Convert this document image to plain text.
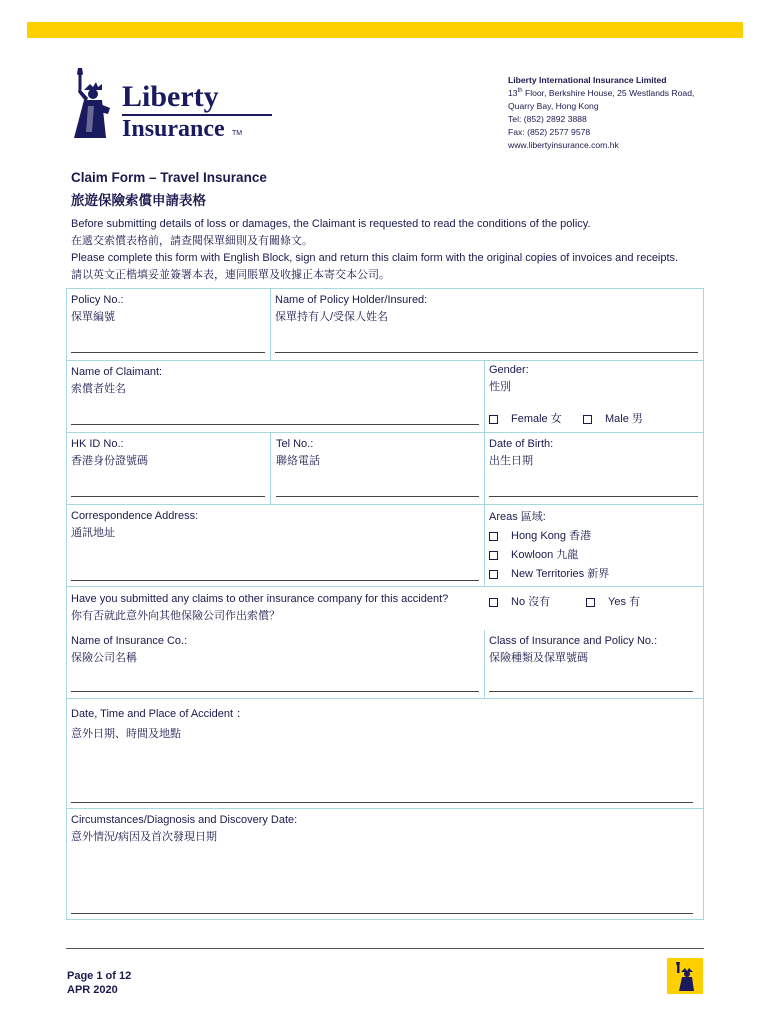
Liberty
Insurance TM
Liberty International Insurance Limited
13th Floor, Berkshire House, 25 Westlands Road,
Quarry Bay, Hong Kong
Tel: (852) 2892 3888
Fax: (852) 2577 9578
www.libertyinsurance.com.hk
Claim Form – Travel Insurance
旅遊保險索償申請表格
Before submitting details of loss or damages, the Claimant is requested to read the conditions of the policy.
在遞交索償表格前，請查閱保單細則及有關條文。
Please complete this form with English Block, sign and return this claim form with the original copies of invoices and receipts.
請以英文正楷填妥並簽署本表，連同賬單及收據正本寄交本公司。
Policy No.:
保單編號
Name of Policy Holder/Insured:
保單持有人/受保人姓名
Name of Claimant:
索償者姓名
Gender:
性別
Female 女	Male 男
HK ID No.:
香港身份證號碼
Tel No.:
聯絡電話
Date of Birth:
出生日期
Correspondence Address:
通訊地址
Areas 區域:
Hong Kong 香港
Kowloon 九龍
New Territories 新界
Have you submitted any claims to other insurance company for this accident?
你有否就此意外向其他保險公司作出索償？
No 沒有	Yes 有
Name of Insurance Co.:
保險公司名稱
Class of Insurance and Policy No.:
保險種類及保單號碼
Date, Time and Place of Accident ：
意外日期、時間及地點
Circumstances/Diagnosis and Discovery Date:
意外情況/病因及首次發現日期
Page 1 of 12
APR 2020
